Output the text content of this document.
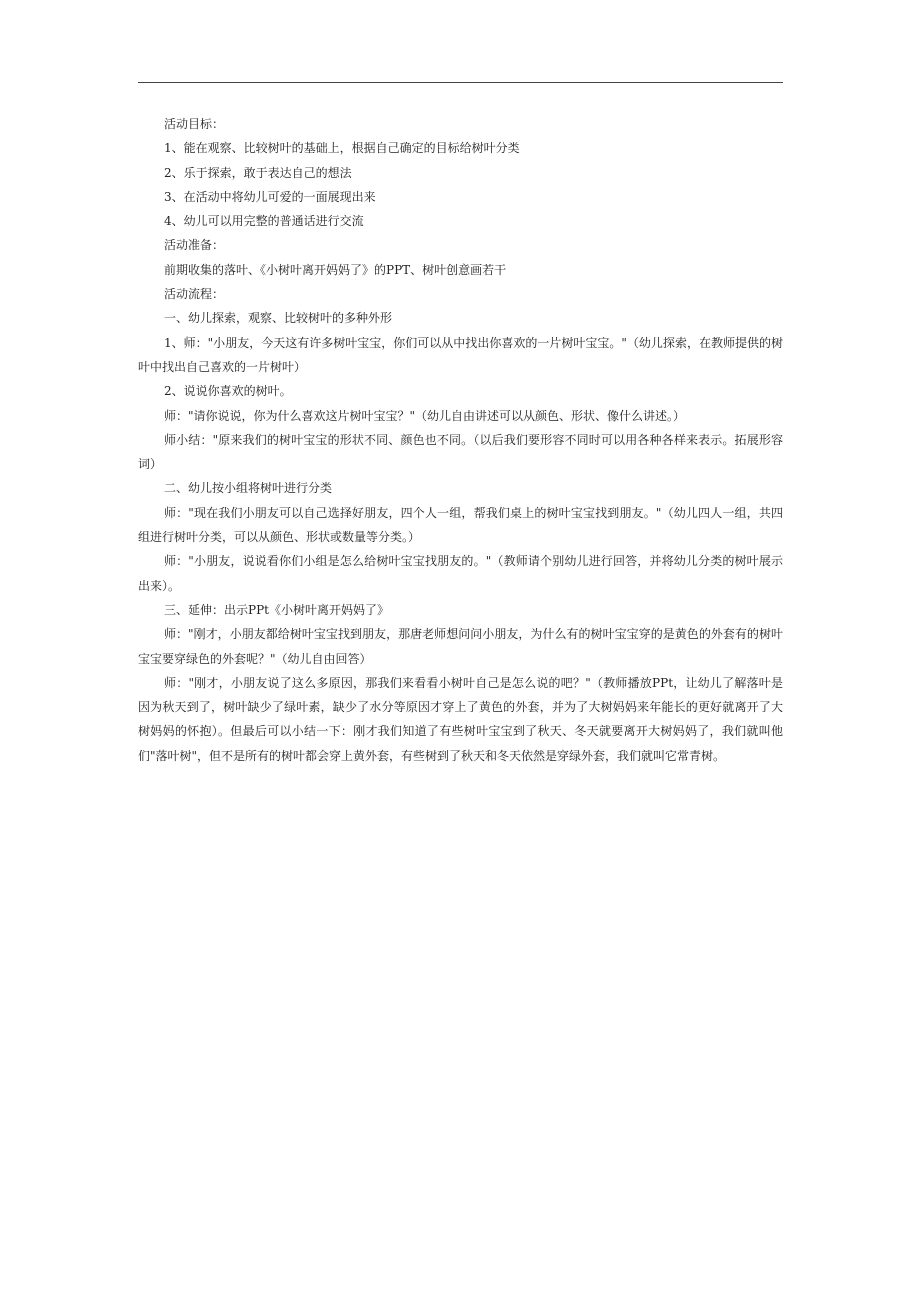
活动目标：

1、能在观察、比较树叶的基础上，根据自己确定的目标给树叶分类

2、乐于探索，敢于表达自己的想法

3、在活动中将幼儿可爱的一面展现出来

4、幼儿可以用完整的普通话进行交流

活动准备：

前期收集的落叶、《小树叶离开妈妈了》的PPT、树叶创意画若干

活动流程：

一、幼儿探索，观察、比较树叶的多种外形

1、师："小朋友，今天这有许多树叶宝宝，你们可以从中找出你喜欢的一片树叶宝宝。"（幼儿探索，在教师提供的树叶中找出自己喜欢的一片树叶）

2、说说你喜欢的树叶。

师："请你说说，你为什么喜欢这片树叶宝宝？"（幼儿自由讲述可以从颜色、形状、像什么讲述。）

师小结："原来我们的树叶宝宝的形状不同、颜色也不同。（以后我们要形容不同时可以用各种各样来表示。拓展形容词）

二、幼儿按小组将树叶进行分类

师："现在我们小朋友可以自己选择好朋友，四个人一组，帮我们桌上的树叶宝宝找到朋友。"（幼儿四人一组，共四组进行树叶分类，可以从颜色、形状或数量等分类。）

师："小朋友，说说看你们小组是怎么给树叶宝宝找朋友的。"（教师请个别幼儿进行回答，并将幼儿分类的树叶展示出来）。

三、延伸：出示PPt《小树叶离开妈妈了》

师："刚才，小朋友都给树叶宝宝找到朋友，那唐老师想问问小朋友，为什么有的树叶宝宝穿的是黄色的外套有的树叶宝宝要穿绿色的外套呢？"（幼儿自由回答）

师："刚才，小朋友说了这么多原因，那我们来看看小树叶自己是怎么说的吧？"（教师播放PPt，让幼儿了解落叶是因为秋天到了，树叶缺少了绿叶素，缺少了水分等原因才穿上了黄色的外套，并为了大树妈妈来年能长的更好就离开了大树妈妈的怀抱）。但最后可以小结一下：刚才我们知道了有些树叶宝宝到了秋天、冬天就要离开大树妈妈了，我们就叫他们"落叶树"，但不是所有的树叶都会穿上黄外套，有些树到了秋天和冬天依然是穿绿外套，我们就叫它常青树。
